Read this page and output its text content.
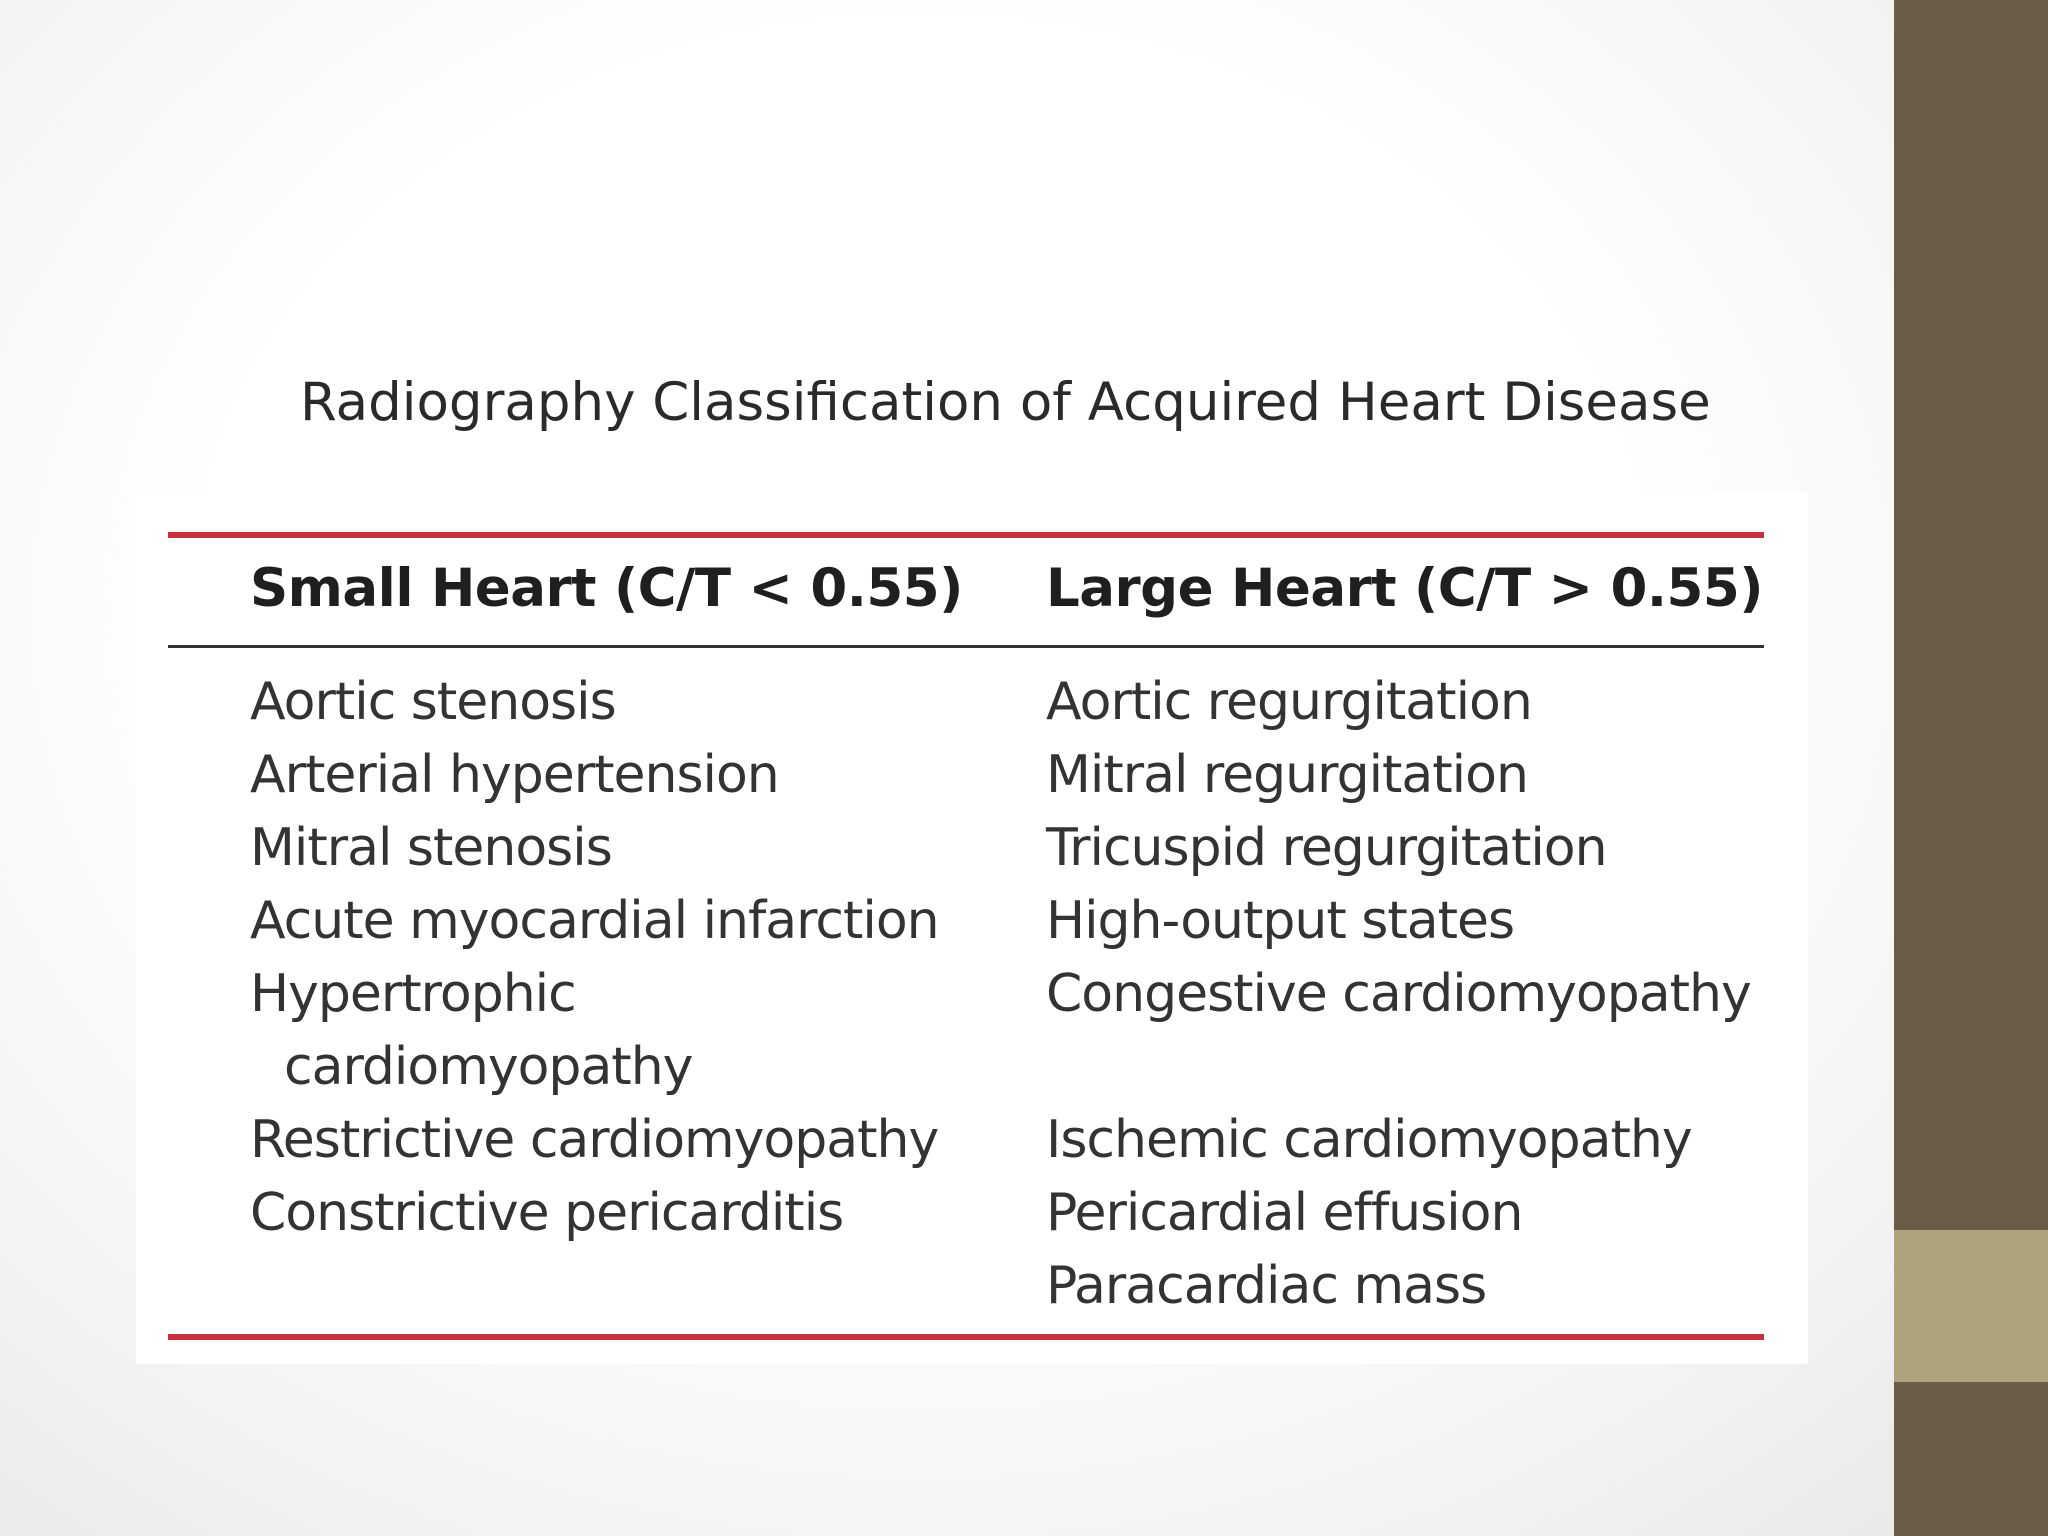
Radiography Classification of Acquired Heart Disease
Small Heart (C/T < 0.55)
Aortic stenosis
Arterial hypertension
Mitral stenosis
Acute myocardial infarction
Hypertrophic
cardiomyopathy
Restrictive cardiomyopathy
Constrictive pericarditis
Large Heart (C/T > 0.55)
Aortic regurgitation
Mitral regurgitation
Tricuspid regurgitation
High-output states
Congestive cardiomyopathy
Ischemic cardiomyopathy
Pericardial effusion
Paracardiac mass
